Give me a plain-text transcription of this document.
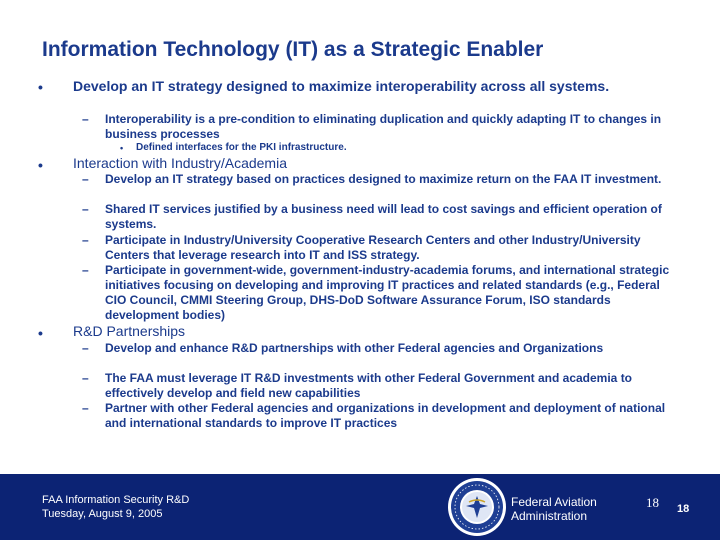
Information Technology (IT) as a Strategic Enabler
• Develop an IT strategy designed to maximize interoperability across all systems.
– Interoperability is a pre-condition to eliminating duplication and quickly adapting IT to changes in business processes
• Defined interfaces for the PKI infrastructure.
• Interaction with Industry/Academia
– Develop an IT strategy based on practices designed to maximize return on the FAA IT investment.
– Shared IT services justified by a business need will lead to cost savings and efficient operation of systems.
– Participate in Industry/University Cooperative Research Centers and other Industry/University Centers that leverage research into IT and ISS strategy.
– Participate in government-wide, government-industry-academia forums, and international strategic initiatives focusing on developing and improving IT practices and related standards (e.g., Federal CIO Council, CMMI Steering Group, DHS-DoD Software Assurance Forum, ISO standards development bodies)
• R&D Partnerships
– Develop and enhance R&D partnerships with other Federal agencies and Organizations
– The FAA must leverage IT R&D investments with other Federal Government and academia to effectively develop and field new capabilities
– Partner with other Federal agencies and organizations in development and deployment of national and international standards to improve IT practices
FAA Information Security R&D
Tuesday, August 9, 2005
Federal Aviation
Administration
18 18
